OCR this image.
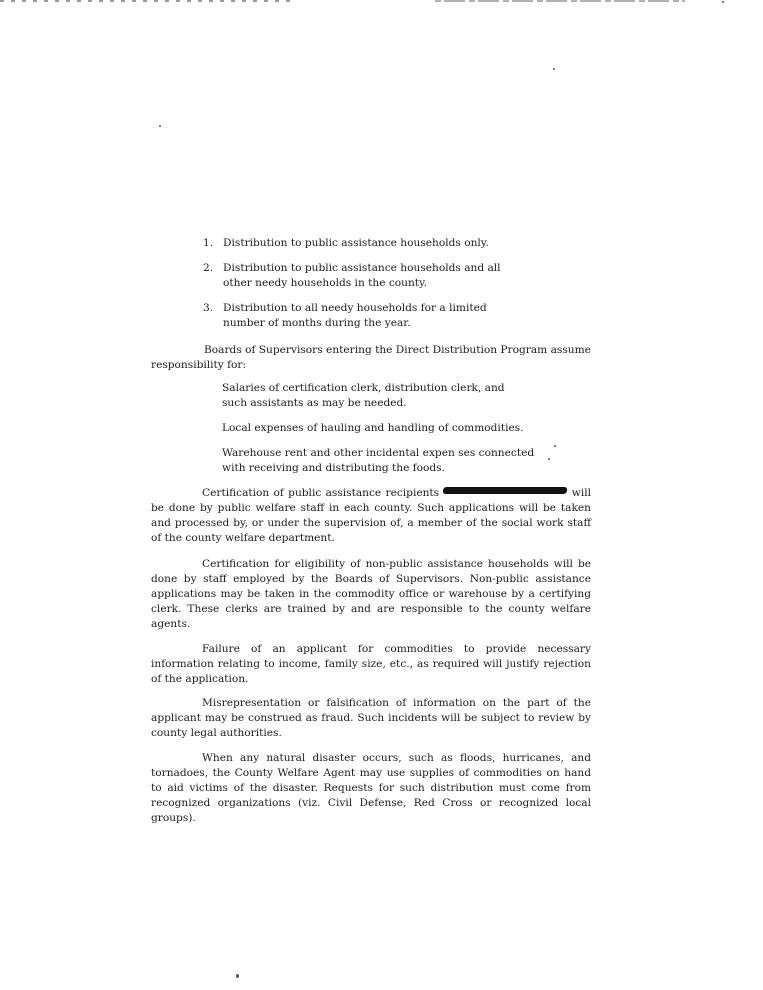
1. Distribution to public assistance households only.
2. Distribution to public assistance households and all other needy households in the county.
3. Distribution to all needy households for a limited number of months during the year.

Boards of Supervisors entering the Direct Distribution Program assume responsibility for:

Salaries of certification clerk, distribution clerk, and such assistants as may be needed.
Local expenses of hauling and handling of commodities.
Warehouse rent and other incidental expen ses connected with receiving and distributing the foods.

Certification of public assistance recipients	will be done by public welfare staff in each county. Such applications will be taken and processed by, or under the supervision of, a member of the social work staff of the county welfare department.

Certification for eligibility of non-public assistance households will be done by staff employed by the Boards of Supervisors. Non-public assistance applications may be taken in the commodity office or warehouse by a certifying clerk. These clerks are trained by and are responsible to the county welfare agents.

Failure of an applicant for commodities to provide necessary information relating to income, family size, etc., as required will justify rejection of the application.

Misrepresentation or falsification of information on the part of the applicant may be construed as fraud. Such incidents will be subject to review by county legal authorities.

When any natural disaster occurs, such as floods, hurricanes, and tornadoes, the County Welfare Agent may use supplies of commodities on hand to aid victims of the disaster. Requests for such distribution must come from recognized organizations (viz. Civil Defense, Red Cross or recognized local groups).
